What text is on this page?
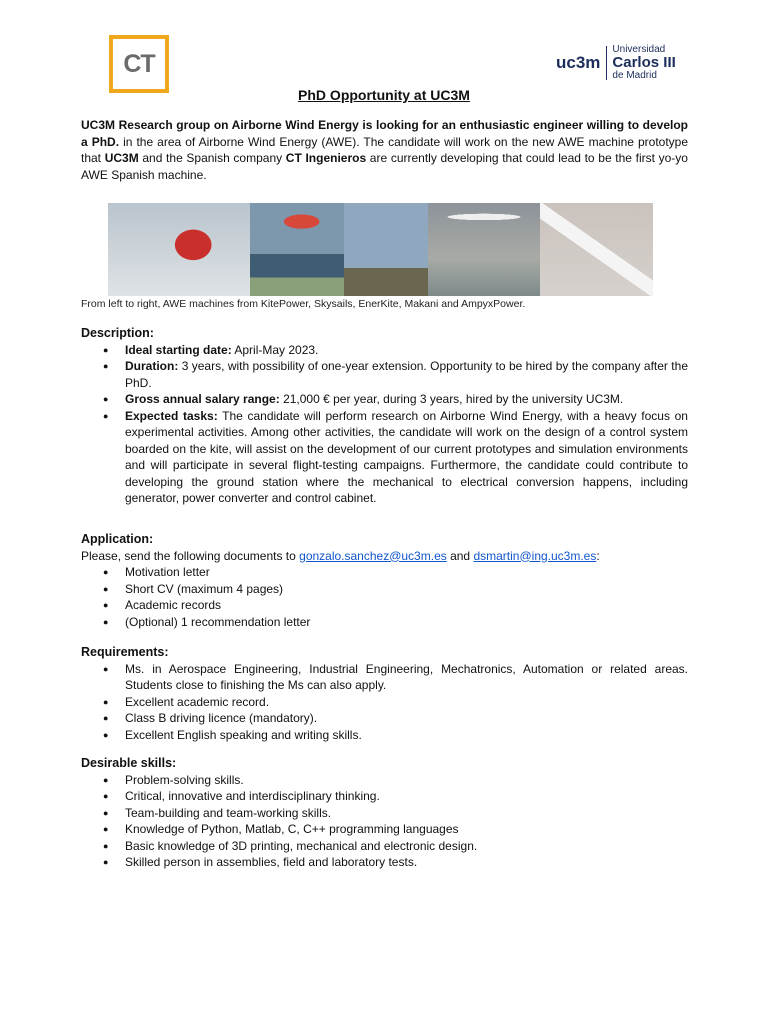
CT	uc3m
Universidad
Carlos III
de Madrid
PhD Opportunity at UC3M
UC3M Research group on Airborne Wind Energy is looking for an enthusiastic engineer willing to develop a PhD. in the area of Airborne Wind Energy (AWE). The candidate will work on the new AWE machine prototype that UC3M and the Spanish company CT Ingenieros are currently developing that could lead to be the first yo-yo AWE Spanish machine.
From left to right, AWE machines from KitePower, Skysails, EnerKite, Makani and AmpyxPower.
Description:
● Ideal starting date: April-May 2023.
● Duration: 3 years, with possibility of one-year extension. Opportunity to be hired by the company after the PhD.
● Gross annual salary range: 21,000 € per year, during 3 years, hired by the university UC3M.
● Expected tasks: The candidate will perform research on Airborne Wind Energy, with a heavy focus on experimental activities. Among other activities, the candidate will work on the design of a control system boarded on the kite, will assist on the development of our current prototypes and simulation environments and will participate in several flight-testing campaigns. Furthermore, the candidate could contribute to developing the ground station where the mechanical to electrical conversion happens, including generator, power converter and control cabinet.
Application:

Please, send the following documents to gonzalo.sanchez@uc3m.es and dsmartin@ing.uc3m.es:

● Motivation letter
● Short CV (maximum 4 pages)
● Academic records
● (Optional) 1 recommendation letter
Requirements:
● Ms. in Aerospace Engineering, Industrial Engineering, Mechatronics, Automation or related areas. Students close to finishing the Ms can also apply.
● Excellent academic record.
● Class B driving licence (mandatory).
● Excellent English speaking and writing skills.
Desirable skills:
● Problem-solving skills.
● Critical, innovative and interdisciplinary thinking.
● Team-building and team-working skills.
● Knowledge of Python, Matlab, C, C++ programming languages
● Basic knowledge of 3D printing, mechanical and electronic design.
● Skilled person in assemblies, field and laboratory tests.
